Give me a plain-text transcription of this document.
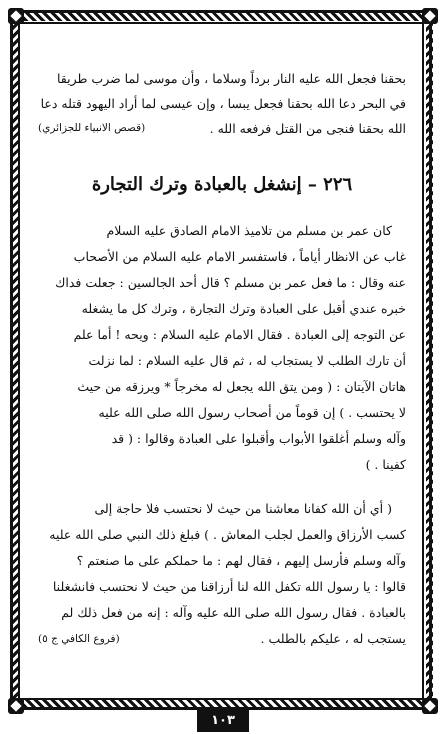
بحقنا فجعل الله عليه النار برداً وسلاما ، وأن موسى لما ضرب طريقا

في البحر دعا الله بحقنا فجعل يبسا ، وإن عيسى لما أراد اليهود قتله دعا

الله بحقنا فنجى من القتل فرفعه الله .
(قصص الانبياء للجزائري)
٢٢٦ – إنشغل بالعبادة وترك التجارة

كان عمر بن مسلم من تلاميذ الامام الصادق عليه السلام

غاب عن الانظار أياماً ، فاستفسر الامام عليه السلام من الأصحاب

عنه وقال : ما فعل عمر بن مسلم ؟ قال أحد الجالسين : جعلت فداك

خبره عندي أقبل على العبادة وترك التجارة ، وترك كل ما يشغله

عن التوجه إلى العبادة . فقال الامام عليه السلام : ويحه ! أما علم

أن تارك الطلب لا يستجاب له ، ثم قال عليه السلام : لما نزلت

هاتان الآيتان : ( ومن يتق الله يجعل له مخرجاً * ويرزقه من حيث

لا يحتسب . ) إن قوماً من أصحاب رسول الله صلى الله عليه

وآله وسلم أغلقوا الأبواب وأقبلوا على العبادة وقالوا : ( قد

كفينا . )

( أي أن الله كفانا معاشنا من حيث لا نحتسب فلا حاجة إلى

كسب الأرزاق والعمل لجلب المعاش . ) فبلغ ذلك النبي صلى الله عليه

وآله وسلم فأرسل إليهم ، فقال لهم : ما حملكم على ما صنعتم ؟

قالوا : يا رسول الله تكفل الله لنا أرزاقنا من حيث لا نحتسب فانشغلنا

بالعبادة . فقال رسول الله صلى الله عليه وآله : إنه من فعل ذلك لم

يستجب له ، عليكم بالطلب .
(فروع الكافي ج ٥)
١٠٣
